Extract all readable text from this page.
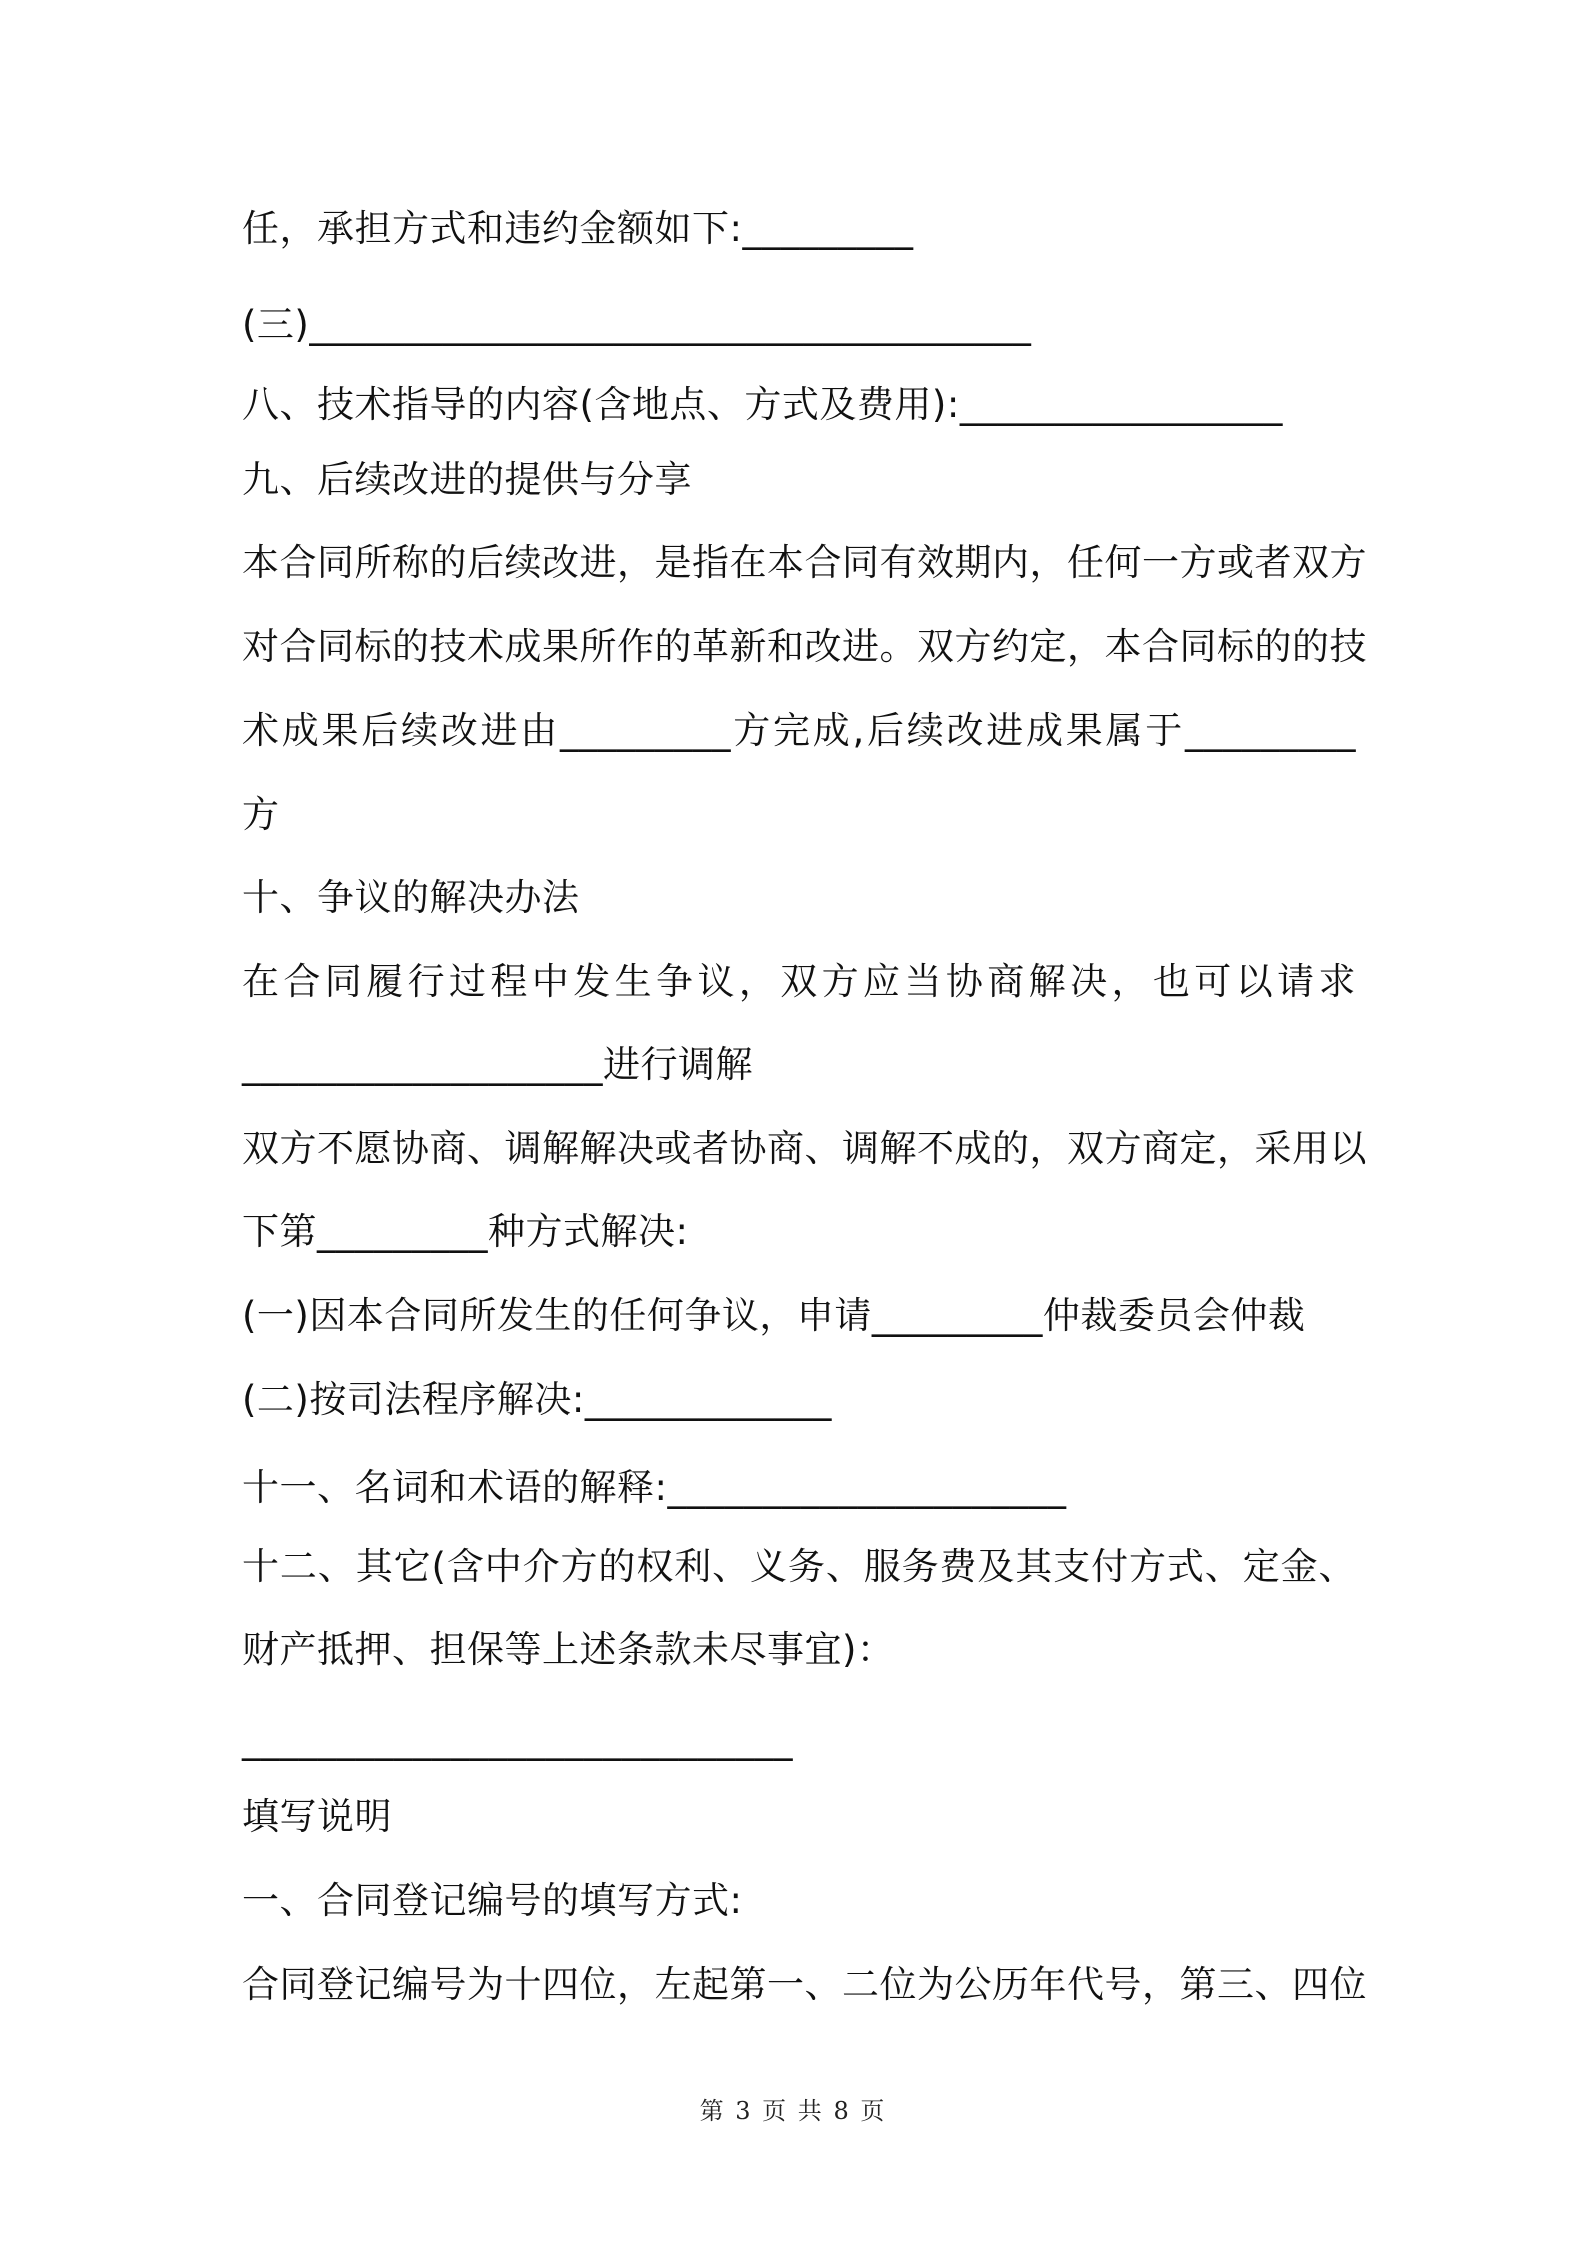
任，承担方式和违约金额如下:_________
(三)______________________________________
八、技术指导的内容(含地点、方式及费用):_________________
九、后续改进的提供与分享
本合同所称的后续改进，是指在本合同有效期内，任何一方或者双方
对合同标的技术成果所作的革新和改进。双方约定，本合同标的的技
术成果后续改进由_________方完成,后续改进成果属于_________
方
十、争议的解决办法
在合同履行过程中发生争议，双方应当协商解决，也可以请求
___________________进行调解
双方不愿协商、调解解决或者协商、调解不成的，双方商定，采用以
下第_________种方式解决:
(一)因本合同所发生的任何争议，申请_________仲裁委员会仲裁
(二)按司法程序解决:_____________
十一、名词和术语的解释:_____________________
十二、其它(含中介方的权利、义务、服务费及其支付方式、定金、
财产抵押、担保等上述条款未尽事宜)：
_____________________________
填写说明
一、合同登记编号的填写方式:
合同登记编号为十四位，左起第一、二位为公历年代号，第三、四位
第 3 页 共 8 页
